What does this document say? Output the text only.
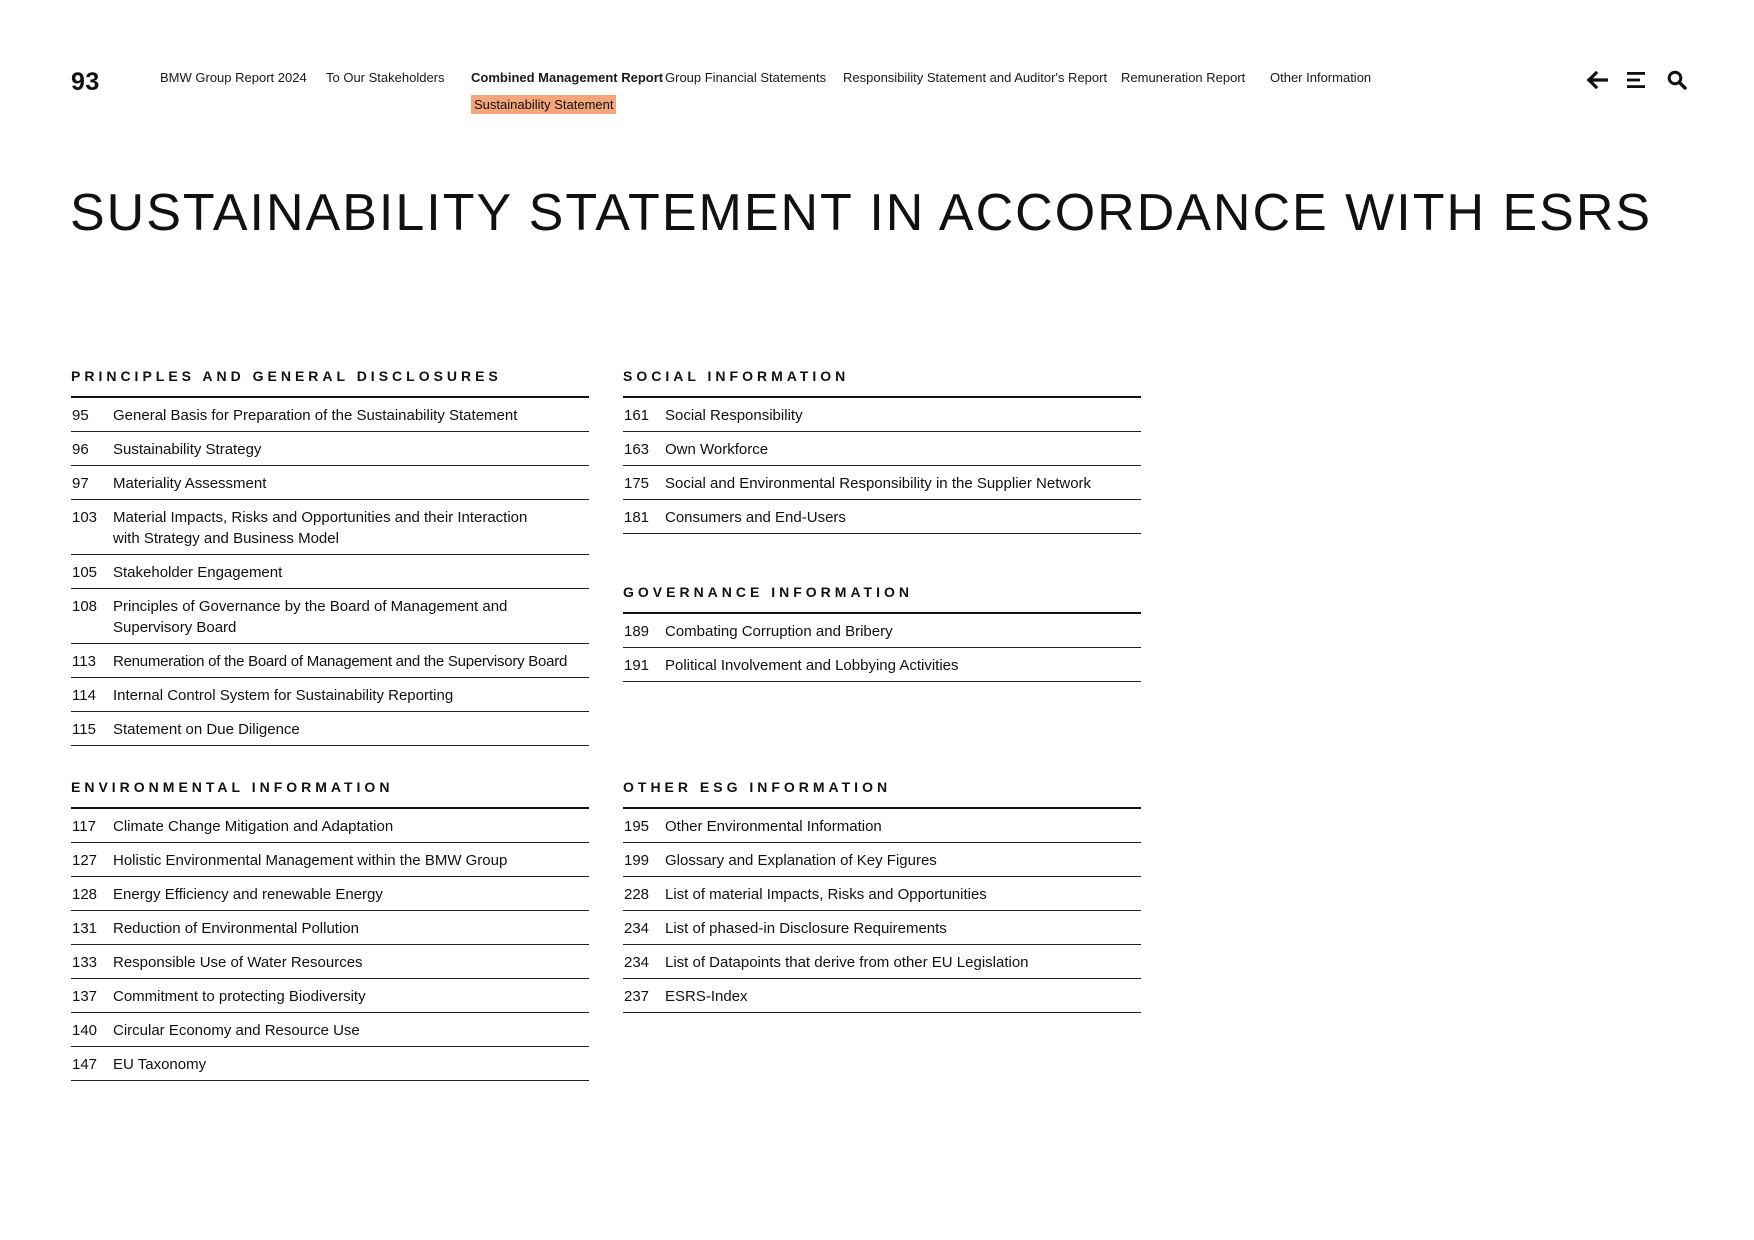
93	BMW Group Report 2024 To Our Stakeholders Combined Management Report Group Financial Statements Responsibility Statement and Auditor's Report Remuneration Report Other Information
Sustainability Statement
SUSTAINABILITY STATEMENT IN ACCORDANCE WITH ESRS
PRINCIPLES AND GENERAL DISCLOSURES
95	General Basis for Preparation of the Sustainability Statement
96	Sustainability Strategy
97	Materiality Assessment
103	Material Impacts, Risks and Opportunities and their Interaction
with Strategy and Business Model
105	Stakeholder Engagement
108	Principles of Governance by the Board of Management and
Supervisory Board
113	Renumeration of the Board of Management and the Supervisory Board
114	Internal Control System for Sustainability Reporting
115	Statement on Due Diligence
SOCIAL INFORMATION
161	Social Responsibility
163	Own Workforce
175	Social and Environmental Responsibility in the Supplier Network
181	Consumers and End-Users
GOVERNANCE INFORMATION
189	Combating Corruption and Bribery
191	Political Involvement and Lobbying Activities
ENVIRONMENTAL INFORMATION
117	Climate Change Mitigation and Adaptation
127	Holistic Environmental Management within the BMW Group
128	Energy Efficiency and renewable Energy
131	Reduction of Environmental Pollution
133	Responsible Use of Water Resources
137	Commitment to protecting Biodiversity
140	Circular Economy and Resource Use
147	EU Taxonomy
OTHER ESG INFORMATION
195	Other Environmental Information
199	Glossary and Explanation of Key Figures
228	List of material Impacts, Risks and Opportunities
234	List of phased-in Disclosure Requirements
234	List of Datapoints that derive from other EU Legislation
237	ESRS-Index
